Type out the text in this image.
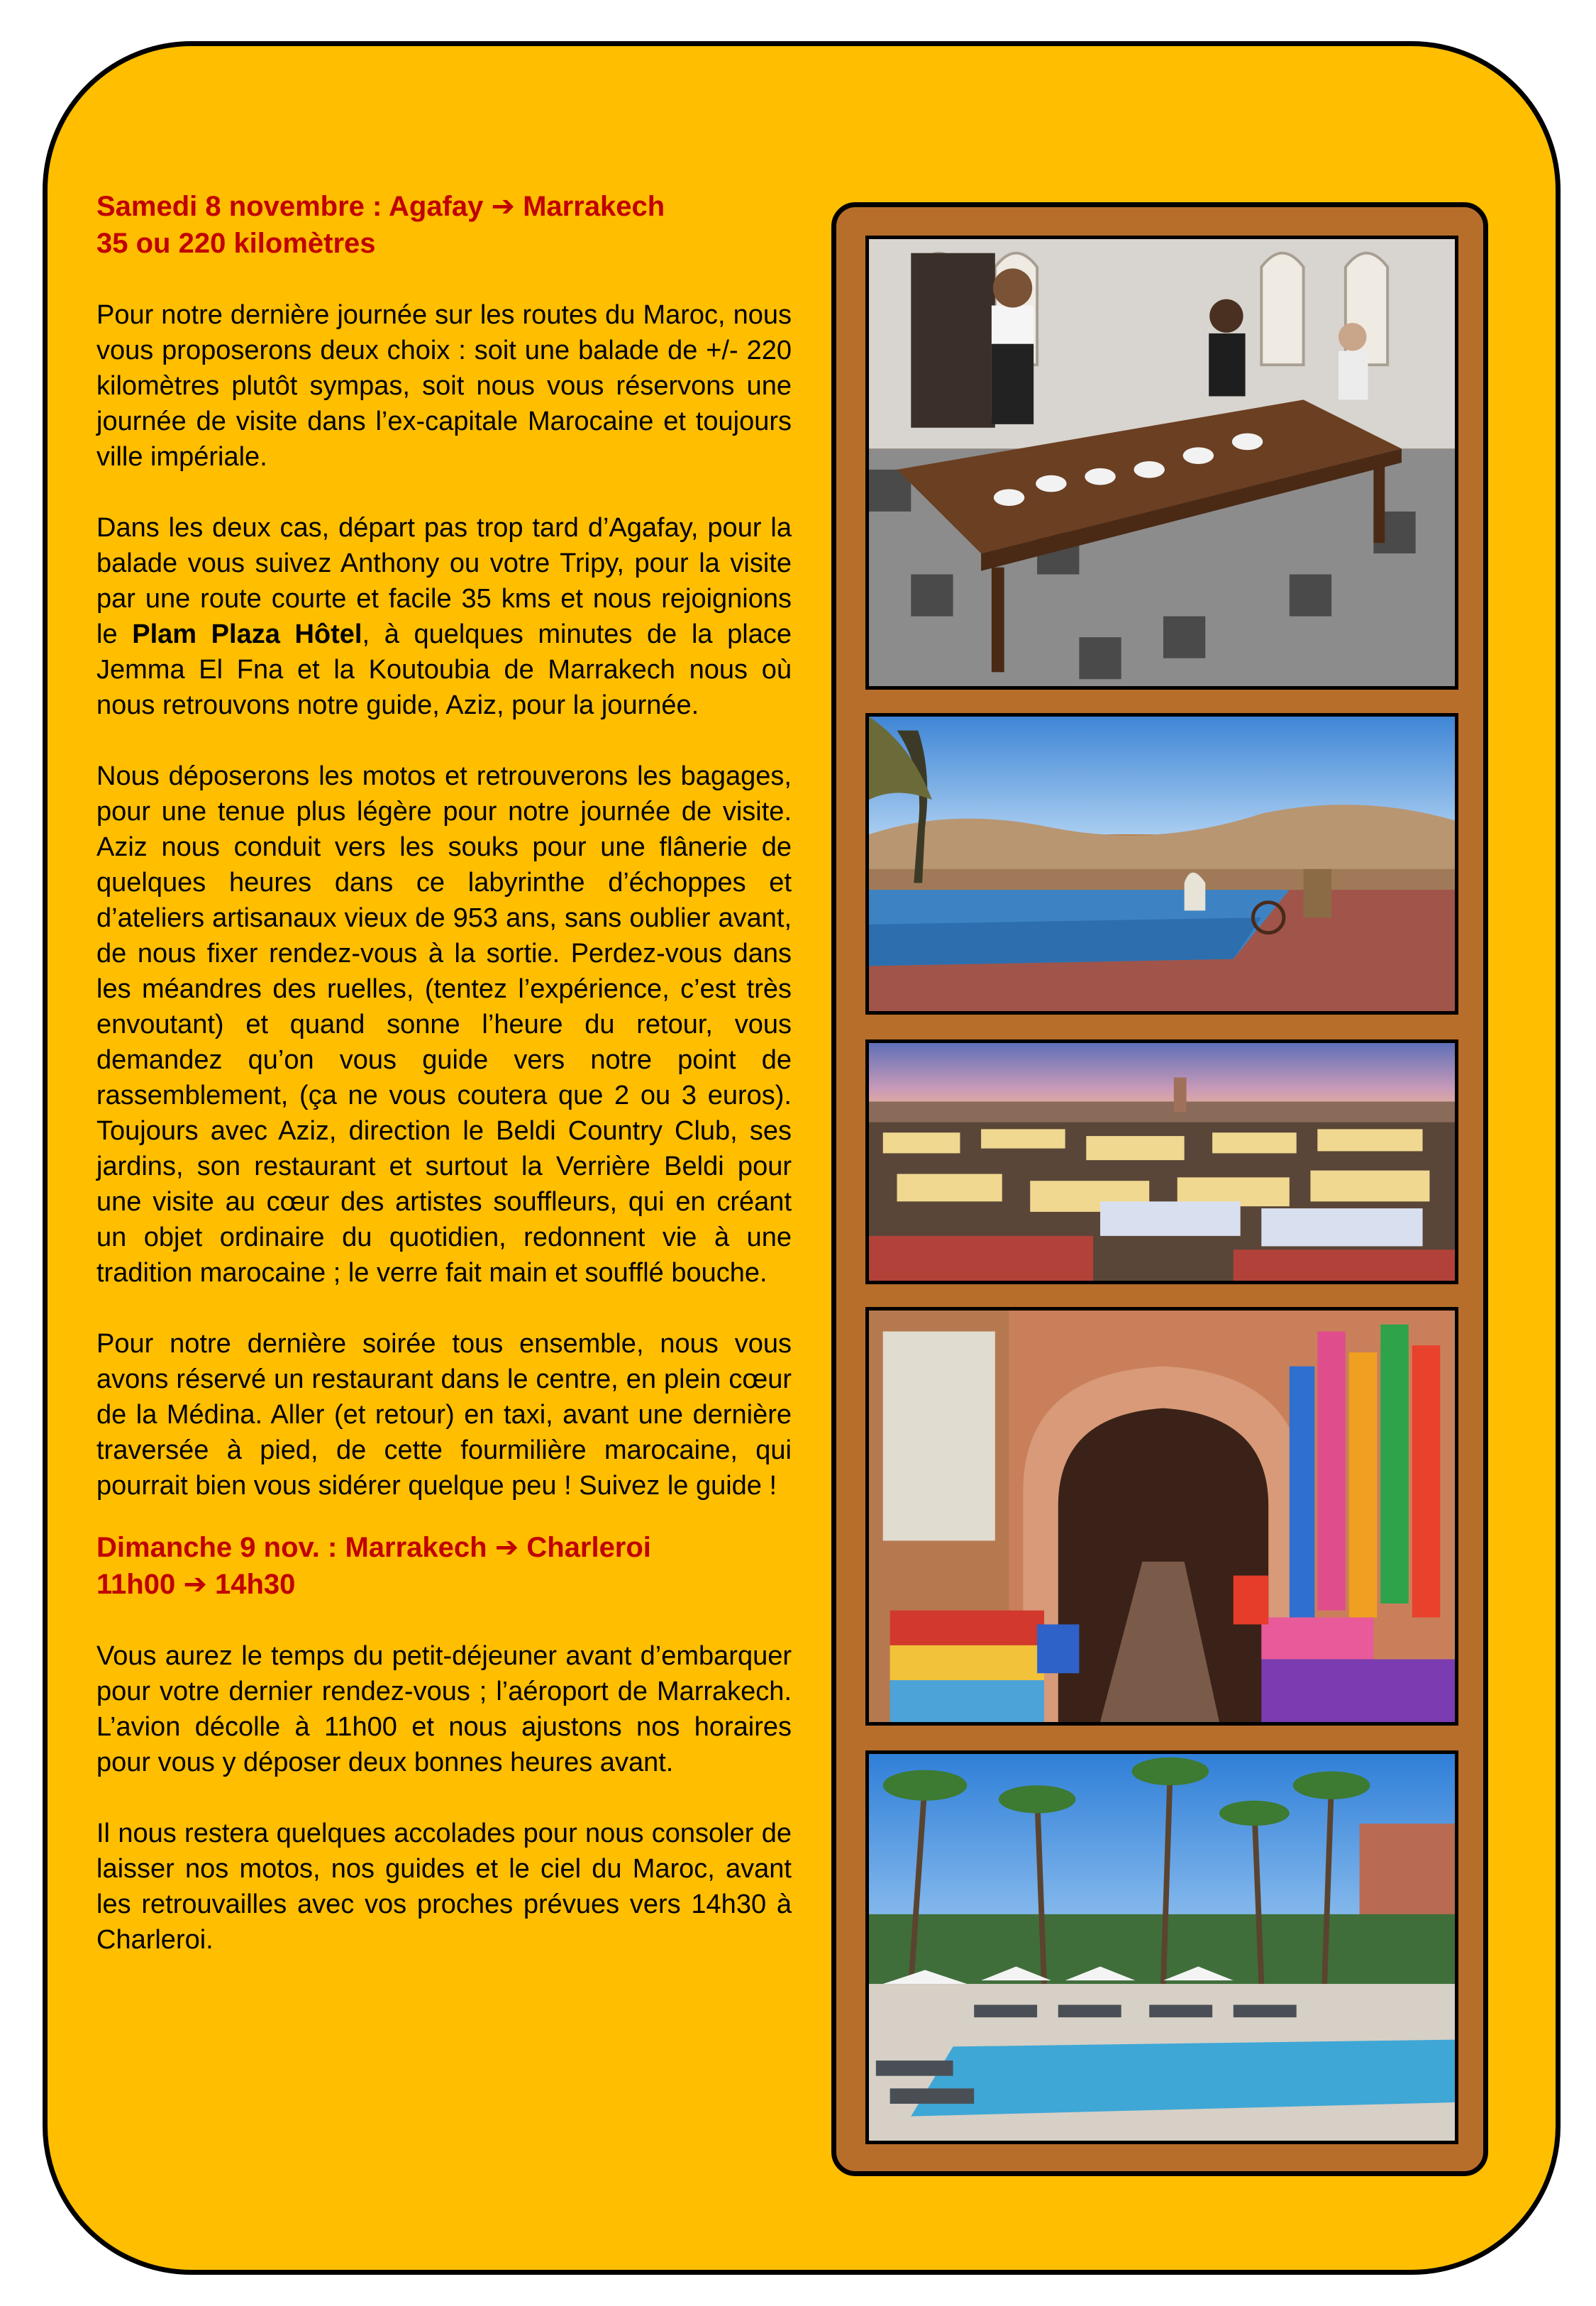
Samedi 8 novembre : Agafay ➔ Marrakech
35 ou 220 kilomètres

Pour notre dernière journée sur les routes du Maroc, nous vous proposerons deux choix : soit une balade de +/- 220 kilomètres plutôt sympas, soit nous vous réservons une journée de visite dans l’ex-capitale Marocaine et toujours ville impériale.

Dans les deux cas, départ pas trop tard d’Agafay, pour la balade vous suivez Anthony ou votre Tripy, pour la visite par une route courte et facile 35 kms et nous rejoignions le Plam Plaza Hôtel, à quelques minutes de la place Jemma El Fna et la Koutoubia de Marrakech nous où nous retrouvons notre guide, Aziz, pour la journée.

Nous déposerons les motos et retrouverons les bagages, pour une tenue plus légère pour notre journée de visite. Aziz nous conduit vers les souks pour une flânerie de quelques heures dans ce labyrinthe d’échoppes et d’ateliers artisanaux vieux de 953 ans, sans oublier avant, de nous fixer rendez-vous à la sortie. Perdez-vous dans les méandres des ruelles, (tentez l’expérience, c’est très envoutant) et quand sonne l’heure du retour, vous demandez qu’on vous guide vers notre point de rassemblement, (ça ne vous coutera que 2 ou 3 euros). Toujours avec Aziz, direction le Beldi Country Club, ses jardins, son restaurant et surtout la Verrière Beldi pour une visite au cœur des artistes souffleurs, qui en créant un objet ordinaire du quotidien, redonnent vie à une tradition marocaine ; le verre fait main et soufflé bouche.

Pour notre dernière soirée tous ensemble, nous vous avons réservé un restaurant dans le centre, en plein cœur de la Médina. Aller (et retour) en taxi, avant une dernière traversée à pied, de cette fourmilière marocaine, qui pourrait bien vous sidérer quelque peu ! Suivez le guide !

Dimanche 9 nov. : Marrakech ➔ Charleroi
11h00 ➔ 14h30

Vous aurez le temps du petit-déjeuner avant d’embarquer pour votre dernier rendez-vous ; l’aéroport de Marrakech. L’avion décolle à 11h00 et nous ajustons nos horaires pour vous y déposer deux bonnes heures avant.

Il nous restera quelques accolades pour nous consoler de laisser nos motos, nos guides et le ciel du Maroc, avant les retrouvailles avec vos proches prévues vers 14h30 à Charleroi.
